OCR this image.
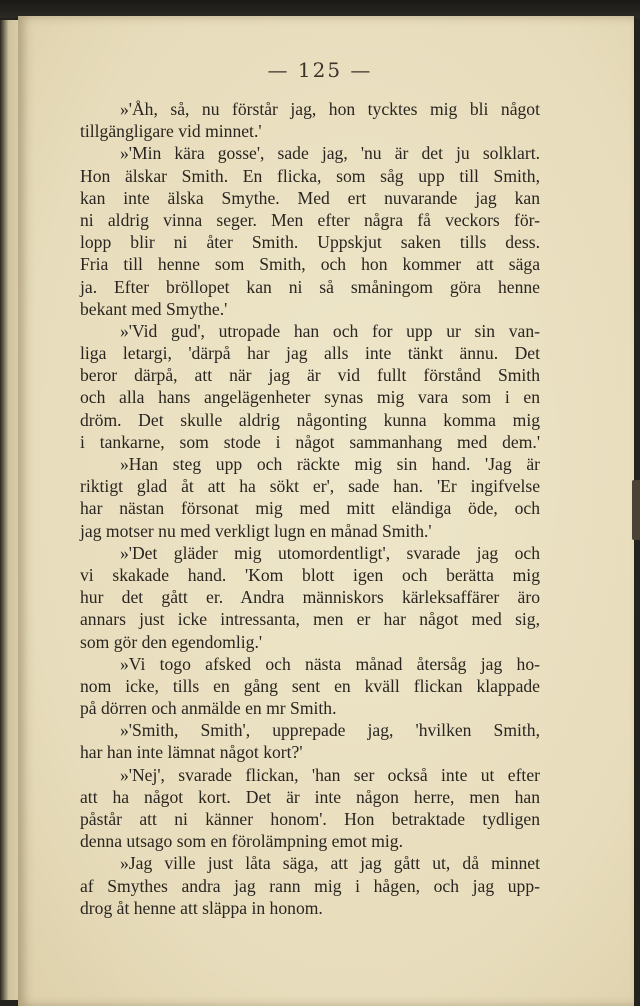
— 125 —
»'Åh, så, nu förstår jag, hon tycktes mig bli något
tillgängligare vid minnet.'
»'Min kära gosse', sade jag, 'nu är det ju solklart.
Hon älskar Smith. En flicka, som såg upp till Smith,
kan inte älska Smythe. Med ert nuvarande jag kan
ni aldrig vinna seger. Men efter några få veckors för-
lopp blir ni åter Smith. Uppskjut saken tills dess.
Fria till henne som Smith, och hon kommer att säga
ja. Efter bröllopet kan ni så småningom göra henne
bekant med Smythe.'
»'Vid gud', utropade han och for upp ur sin van-
liga letargi, 'därpå har jag alls inte tänkt ännu. Det
beror därpå, att när jag är vid fullt förstånd Smith
och alla hans angelägenheter synas mig vara som i en
dröm. Det skulle aldrig någonting kunna komma mig
i tankarne, som stode i något sammanhang med dem.'
»Han steg upp och räckte mig sin hand. 'Jag är
riktigt glad åt att ha sökt er', sade han. 'Er ingifvelse
har nästan försonat mig med mitt eländiga öde, och
jag motser nu med verkligt lugn en månad Smith.'
»'Det gläder mig utomordentligt', svarade jag och
vi skakade hand. 'Kom blott igen och berätta mig
hur det gått er. Andra människors kärleksaffärer äro
annars just icke intressanta, men er har något med sig,
som gör den egendomlig.'
»Vi togo afsked och nästa månad återsåg jag ho-
nom icke, tills en gång sent en kväll flickan klappade
på dörren och anmälde en mr Smith.
»'Smith, Smith', upprepade jag, 'hvilken Smith,
har han inte lämnat något kort?'
»'Nej', svarade flickan, 'han ser också inte ut efter
att ha något kort. Det är inte någon herre, men han
påstår att ni känner honom'. Hon betraktade tydligen
denna utsago som en förolämpning emot mig.
»Jag ville just låta säga, att jag gått ut, då minnet
af Smythes andra jag rann mig i hågen, och jag upp-
drog åt henne att släppa in honom.
